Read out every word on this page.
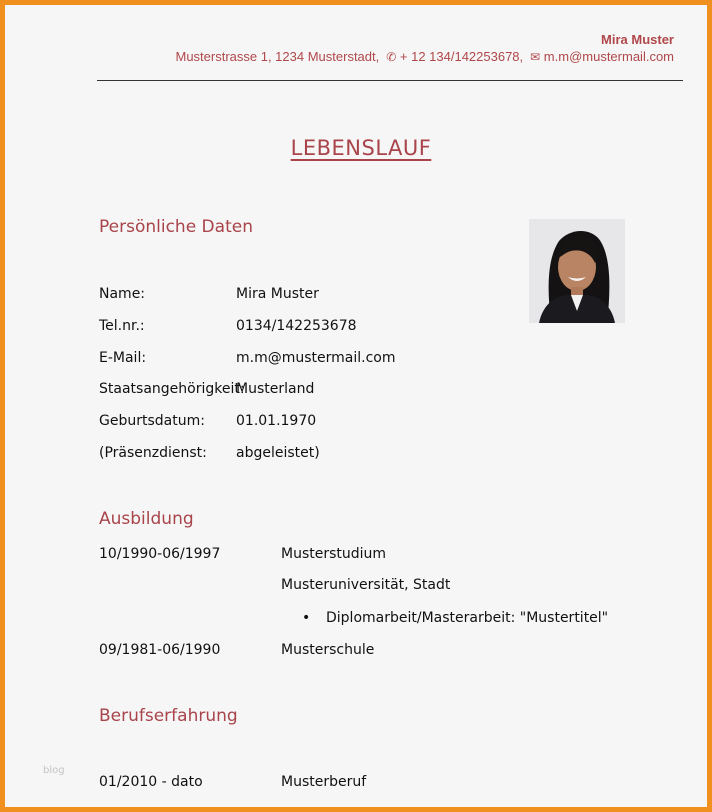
Mira Muster
Musterstrasse 1, 1234 Musterstadt,  ✆ + 12 134/142253678,  ✉ m.m@mustermail.com
LEBENSLAUF
Persönliche Daten
Name:	Mira Muster
Tel.nr.:	0134/142253678
E-Mail:	m.m@mustermail.com
Staatsangehörigkeit:Musterland
Geburtsdatum: 01.01.1970
(Präsenzdienst: abgeleistet)
Ausbildung
10/1990-06/1997	Musterstudium
Musteruniversität, Stadt
• Diplomarbeit/Masterarbeit: "Mustertitel"
09/1981-06/1990	Musterschule
Berufserfahrung
01/2010 - dato	Musterberuf
blog
